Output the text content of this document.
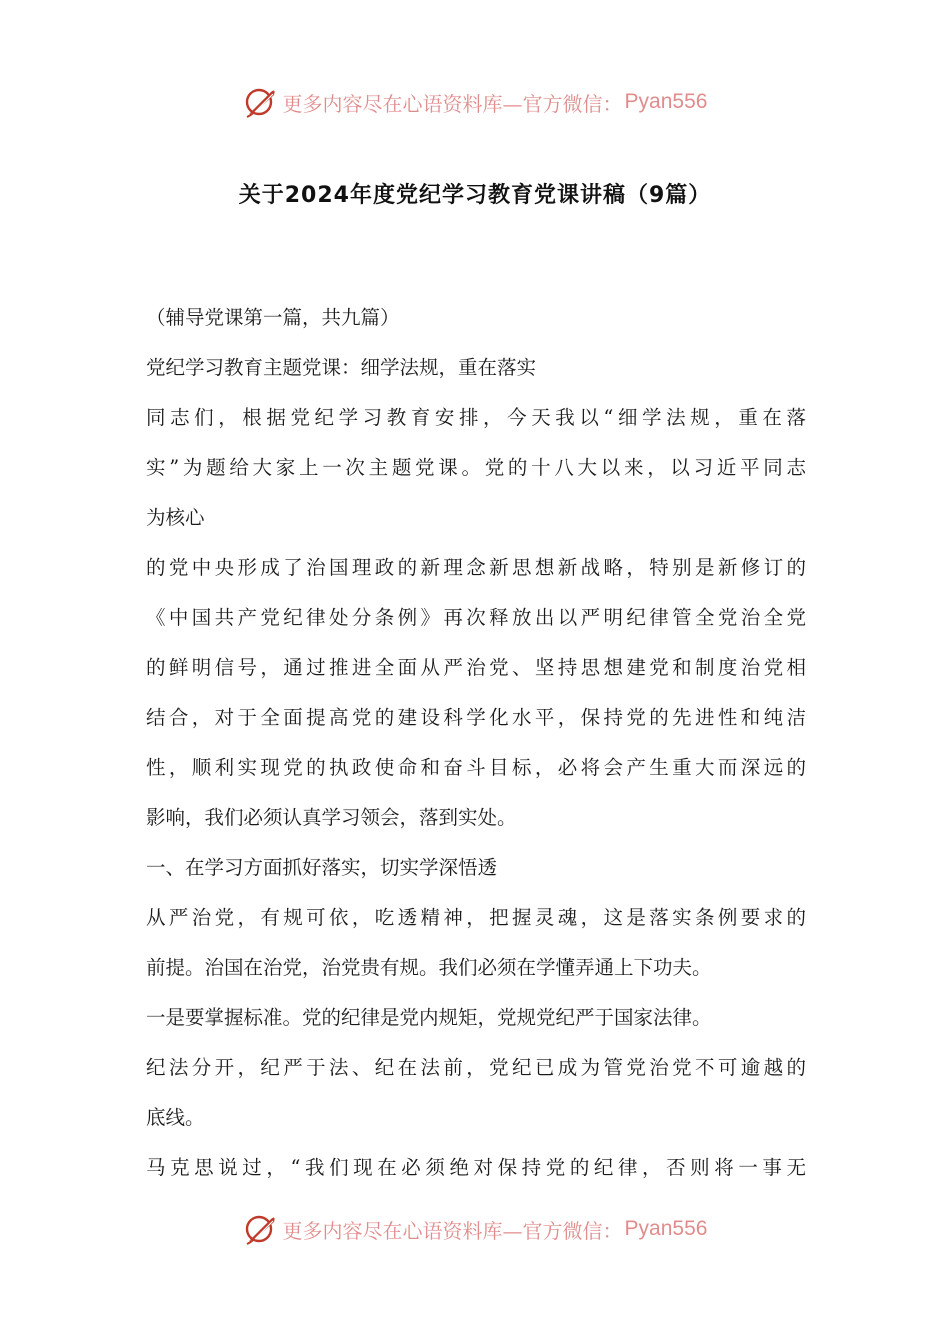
更多内容尽在心语资料库—官方微信： Pyan556
关于2024年度党纪学习教育党课讲稿（9篇）
（辅导党课第一篇，共九篇）
党纪学习教育主题党课：细学法规，重在落实
同志们，根据党纪学习教育安排，今天我以“细学法规，重在落
实”为题给大家上一次主题党课。党的十八大以来，以习近平同志
为核心
的党中央形成了治国理政的新理念新思想新战略，特别是新修订的
《中国共产党纪律处分条例》再次释放出以严明纪律管全党治全党
的鲜明信号，通过推进全面从严治党、坚持思想建党和制度治党相
结合，对于全面提高党的建设科学化水平，保持党的先进性和纯洁
性，顺利实现党的执政使命和奋斗目标，必将会产生重大而深远的
影响，我们必须认真学习领会，落到实处。
一、在学习方面抓好落实，切实学深悟透
从严治党，有规可依，吃透精神，把握灵魂，这是落实条例要求的
前提。治国在治党，治党贵有规。我们必须在学懂弄通上下功夫。
一是要掌握标准。党的纪律是党内规矩，党规党纪严于国家法律。
纪法分开，纪严于法、纪在法前，党纪已成为管党治党不可逾越的
底线。
马克思说过，“我们现在必须绝对保持党的纪律，否则将一事无
更多内容尽在心语资料库—官方微信： Pyan556
